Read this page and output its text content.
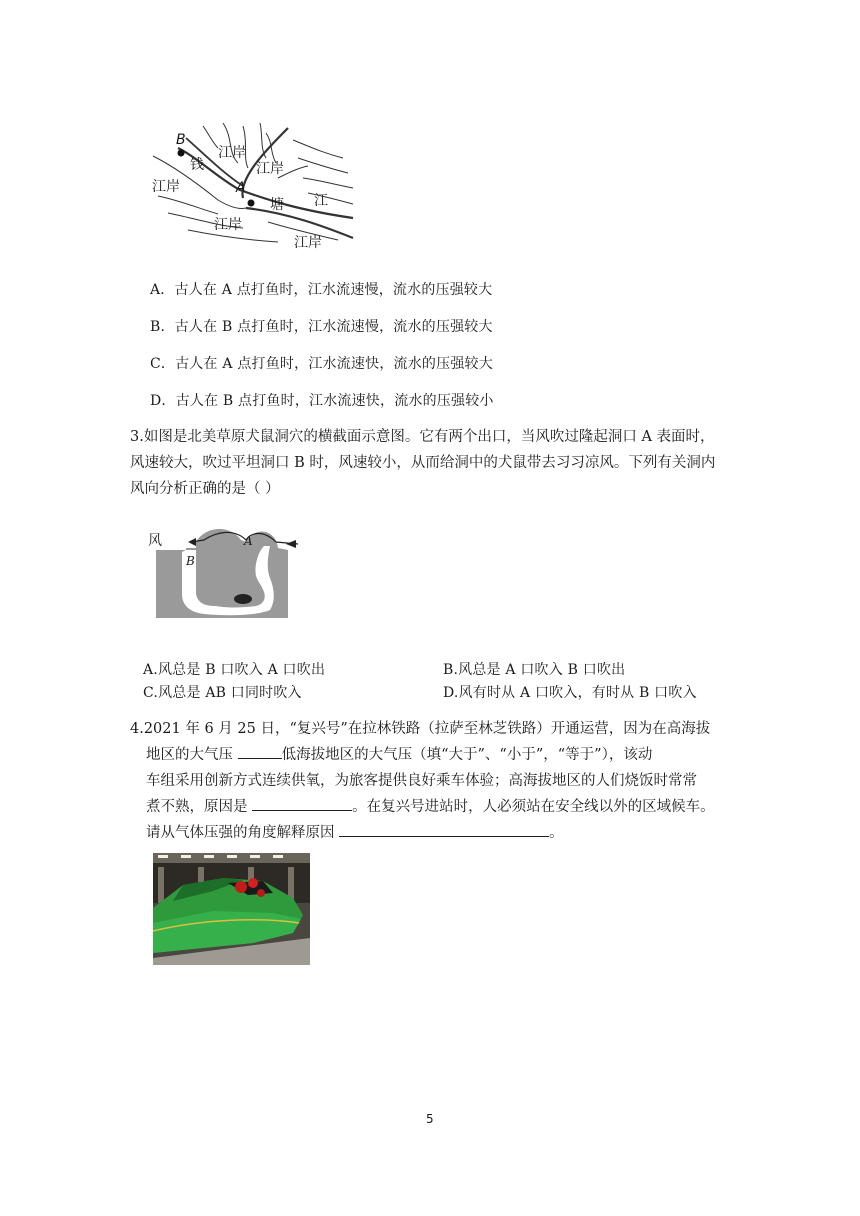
B
钱
江岸
江岸
江岸	A
塘 江
江岸
江岸
A．古人在 A 点打鱼时，江水流速慢，流水的压强较大
B．古人在 B 点打鱼时，江水流速慢，流水的压强较大
C．古人在 A 点打鱼时，江水流速快，流水的压强较大
D．古人在 B 点打鱼时，江水流速快，流水的压强较小
3.如图是北美草原犬鼠洞穴的横截面示意图。它有两个出口，当风吹过隆起洞口 A 表面时，
风速较大，吹过平坦洞口 B 时，风速较小，从而给洞中的犬鼠带去习习凉风。下列有关洞内
风向分析正确的是（ ）
风	A
B
A.风总是 B 口吹入 A 口吹出	B.风总是 A 口吹入 B 口吹出
C.风总是 AB 口同时吹入	D.风有时从 A 口吹入，有时从 B 口吹入
4.2021 年 6 月 25 日，“复兴号”在拉林铁路（拉萨至林芝铁路）开通运营，因为在高海拔
地区的大气压	低海拔地区的大气压（填“大于”、“小于”，“等于”），该动
车组采用创新方式连续供氧，为旅客提供良好乘车体验；高海拔地区的人们烧饭时常常
煮不熟，原因是	。在复兴号进站时，人必须站在安全线以外的区域候车。
请从气体压强的角度解释原因	。
5
